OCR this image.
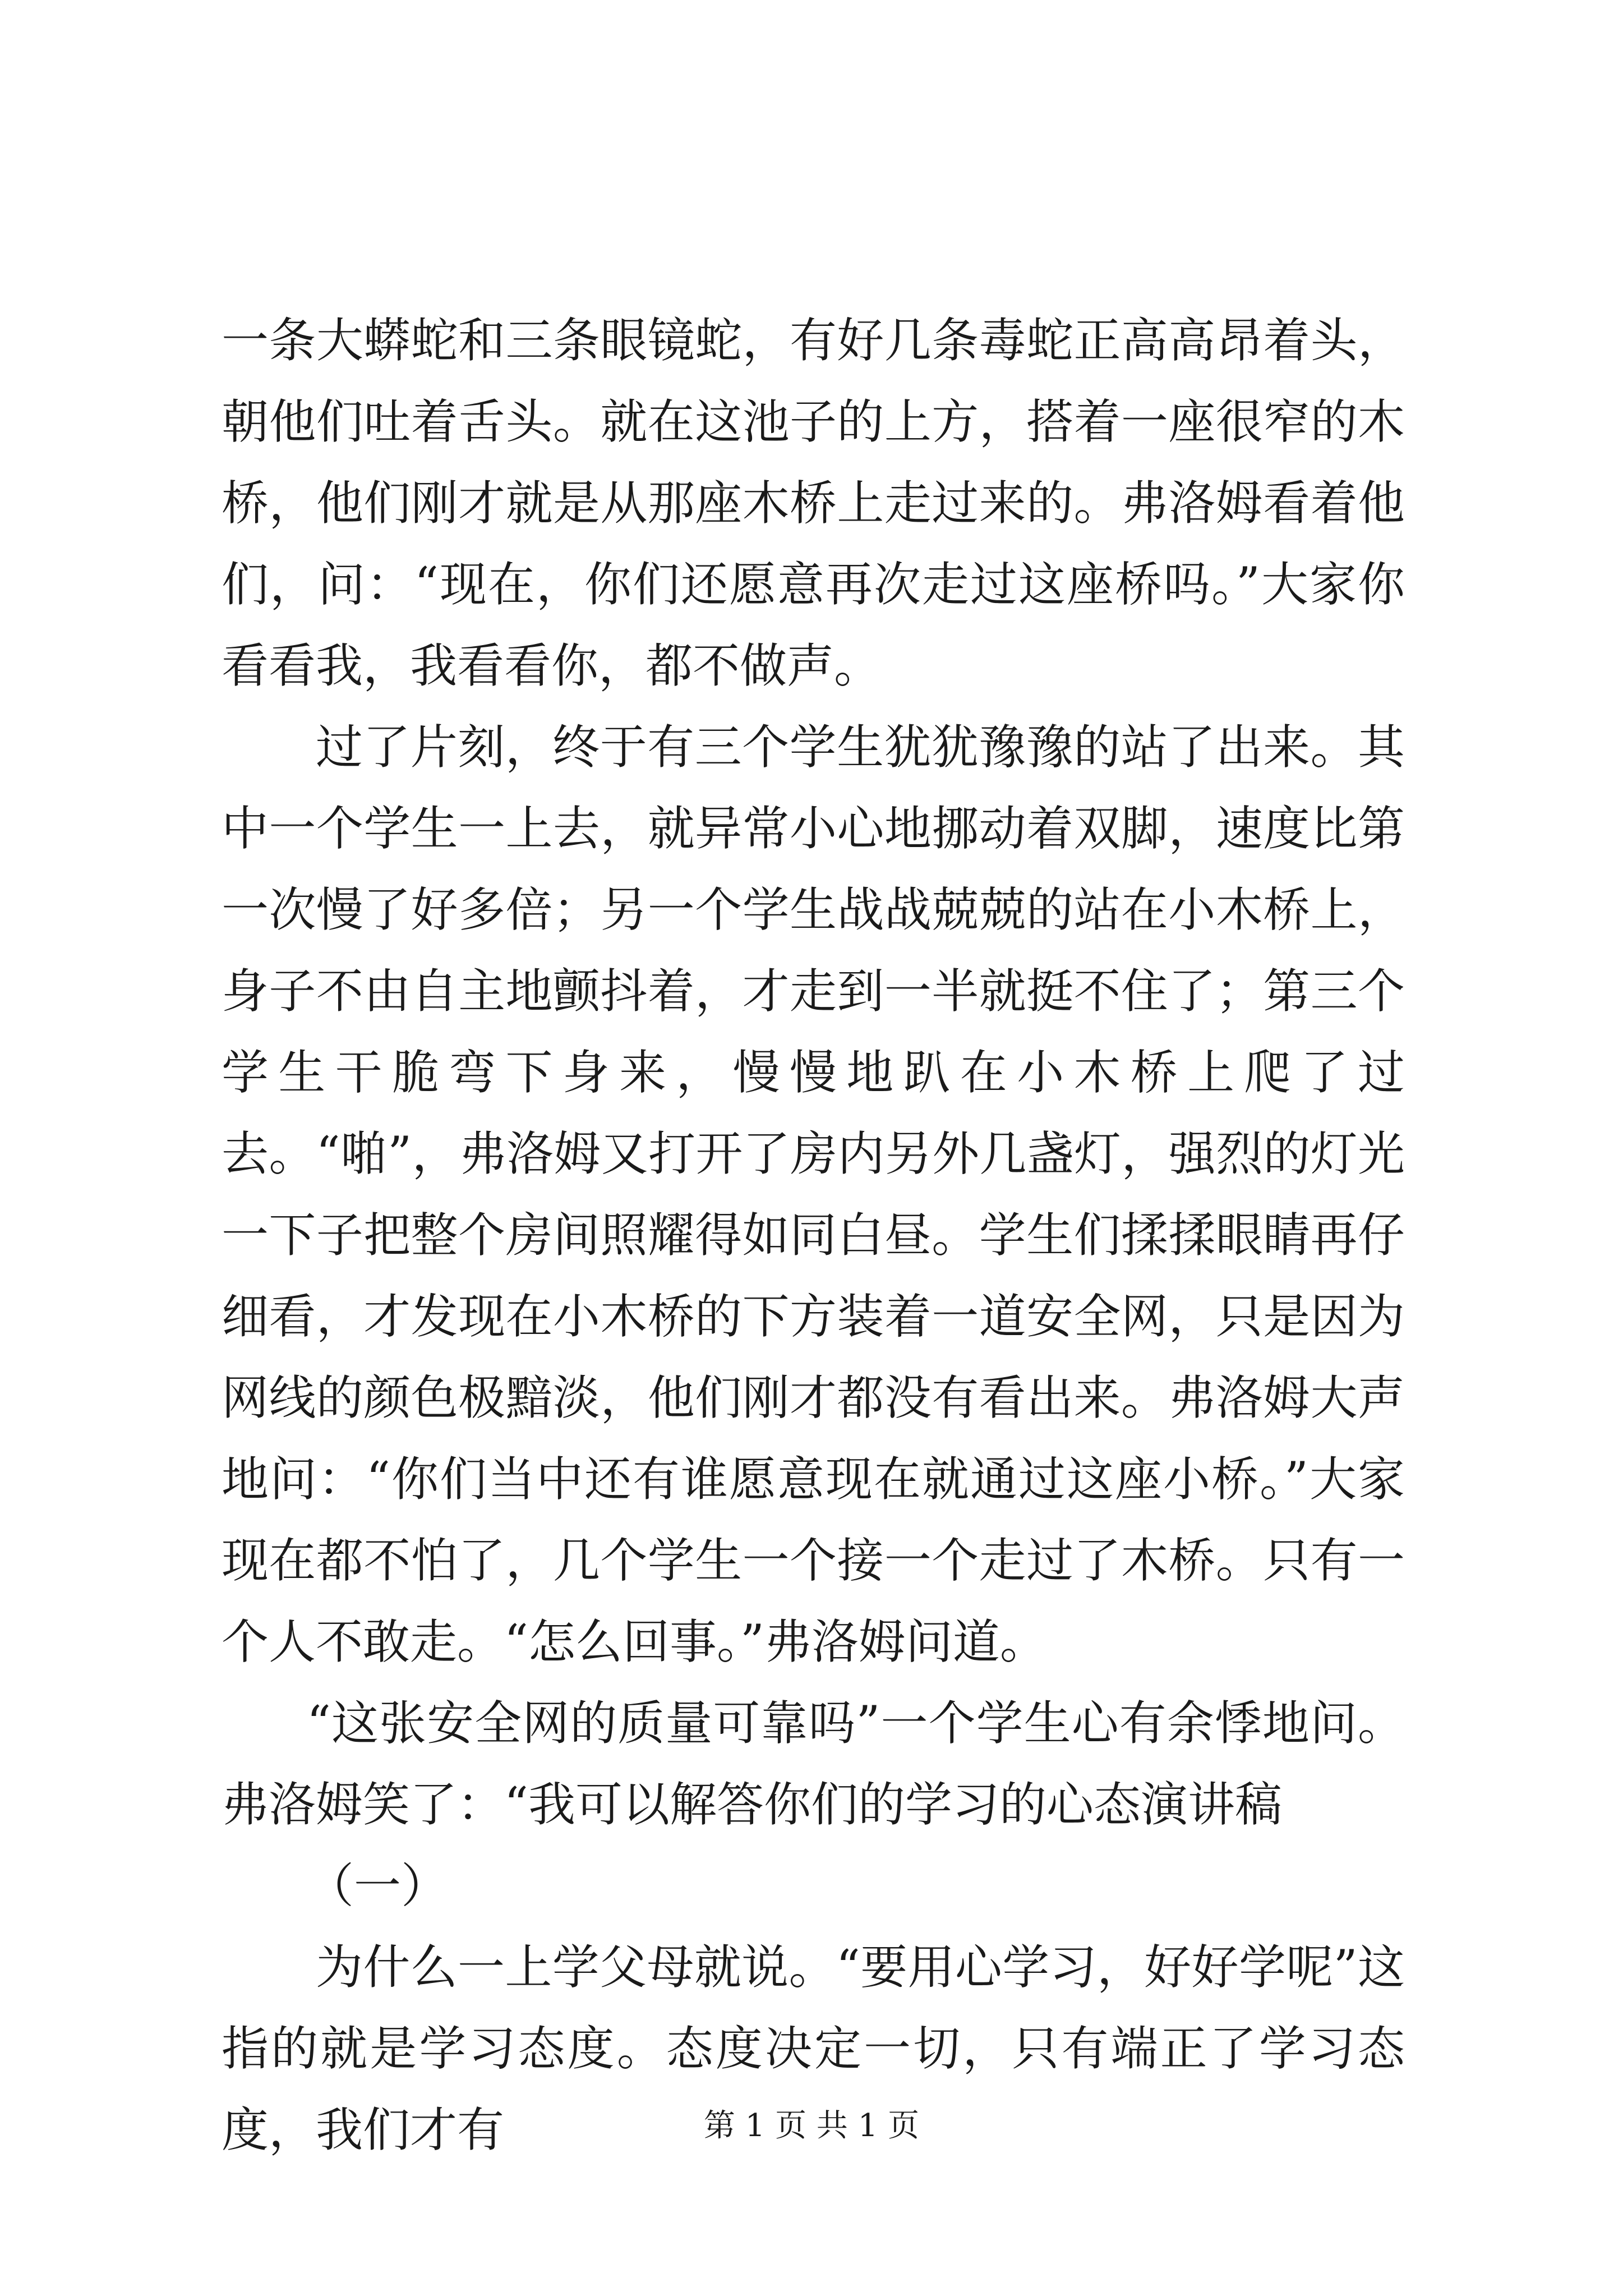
一条大蟒蛇和三条眼镜蛇，有好几条毒蛇正高高昂着头，朝他们吐着舌头。就在这池子的上方，搭着一座很窄的木桥，他们刚才就是从那座木桥上走过来的。弗洛姆看着他们，问：“现在，你们还愿意再次走过这座桥吗。”大家你看看我，我看看你，都不做声。

过了片刻，终于有三个学生犹犹豫豫的站了出来。其中一个学生一上去，就异常小心地挪动着双脚，速度比第一次慢了好多倍；另一个学生战战兢兢的站在小木桥上，身子不由自主地颤抖着，才走到一半就挺不住了；第三个学生干脆弯下身来，慢慢地趴在小木桥上爬了过去。“啪”，弗洛姆又打开了房内另外几盏灯，强烈的灯光一下子把整个房间照耀得如同白昼。学生们揉揉眼睛再仔细看，才发现在小木桥的下方装着一道安全网，只是因为网线的颜色极黯淡，他们刚才都没有看出来。弗洛姆大声地问：“你们当中还有谁愿意现在就通过这座小桥。”大家现在都不怕了，几个学生一个接一个走过了木桥。只有一个人不敢走。“怎么回事。”弗洛姆问道。

“这张安全网的质量可靠吗”一个学生心有余悸地问。弗洛姆笑了：“我可以解答你们的学习的心态演讲稿

（一）

为什么一上学父母就说。“要用心学习，好好学呢”这指的就是学习态度。态度决定一切，只有端正了学习态度，我们才有	第 1 页 共 1 页
